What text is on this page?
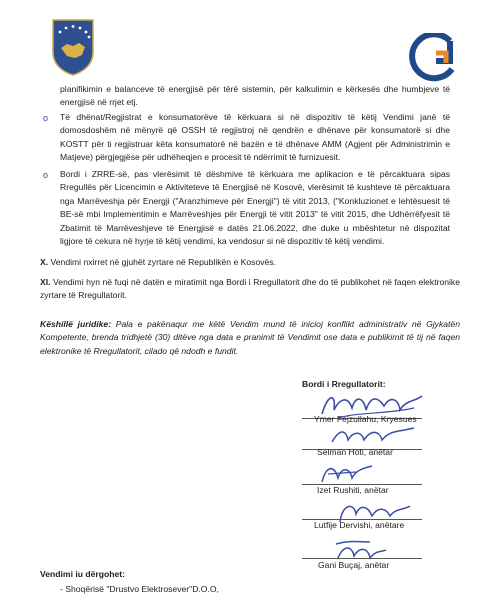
planifikimin e balanceve të energjisë për tërë sistemin, për kalkulimin e kërkesës dhe humbjeve të energjisë në rrjet etj.
o Të dhënat/Regjistrat e konsumatorëve të kërkuara si në dispozitiv të këtij Vendimi janë të domosdoshëm në mënyrë që OSSH të regjistroj në qendrën e dhënave për konsumatorë si dhe KOSTT për ti regjistruar këta konsumatorë në bazën e të dhënave AMM (Agjent për Administrimin e Matjeve) përgjegjëse për udhëheqjen e procesit të ndërrimit të furnizuesit.
o Bordi i ZRRE-së, pas vlerësimit të dëshmive të kërkuara me aplikacion e të përcaktuara sipas Rregullës për Licencimin e Aktiviteteve të Energjisë në Kosovë, vlerësimit të kushteve të përcaktuara nga Marrëveshja për Energji ("Aranzhimeve për Energji") të vitit 2013, ("Konkluzionet e lehtësuesit të BE-së mbi Implementimin e Marrëveshjes për Energji të vitit 2013" të vitit 2015, dhe Udhërrëfyesit të Zbatimit të Marrëveshjeve të Energjisë e datës 21.06.2022, dhe duke u mbështetur në dispozitat ligjore të cekura në hyrje të këtij vendimi, ka vendosur si në dispozitiv të këtij vendimi.
X. Vendimi nxirret në gjuhët zyrtare në Republikën e Kosovës.
XI. Vendimi hyn në fuqi në datën e miratimit nga Bordi i Rregullatorit dhe do të publikohet në faqen elektronike zyrtare të Rregullatorit.
Këshillë juridike: Pala e pakënaqur me këtë Vendim mund të inicioj konflikt administrativ në Gjykatën Kompetente, brenda tridhjetë (30) ditëve nga data e pranimit të Vendimit ose data e publikimit të tij në faqen elektronike të Rregullatorit, cilado që ndodh e fundit.
Bordi i Rregullatorit:
Ymer Fejzullahu, Kryesues
Selman Hoti, anëtar
Izet Rushiti, anëtar
Lutfije Dervishi, anëtare
Gani Buçaj, anëtar
Vendimi iu dërgohet:
- Shoqërisë "Drustvo Elektrosever"D.O.O,
